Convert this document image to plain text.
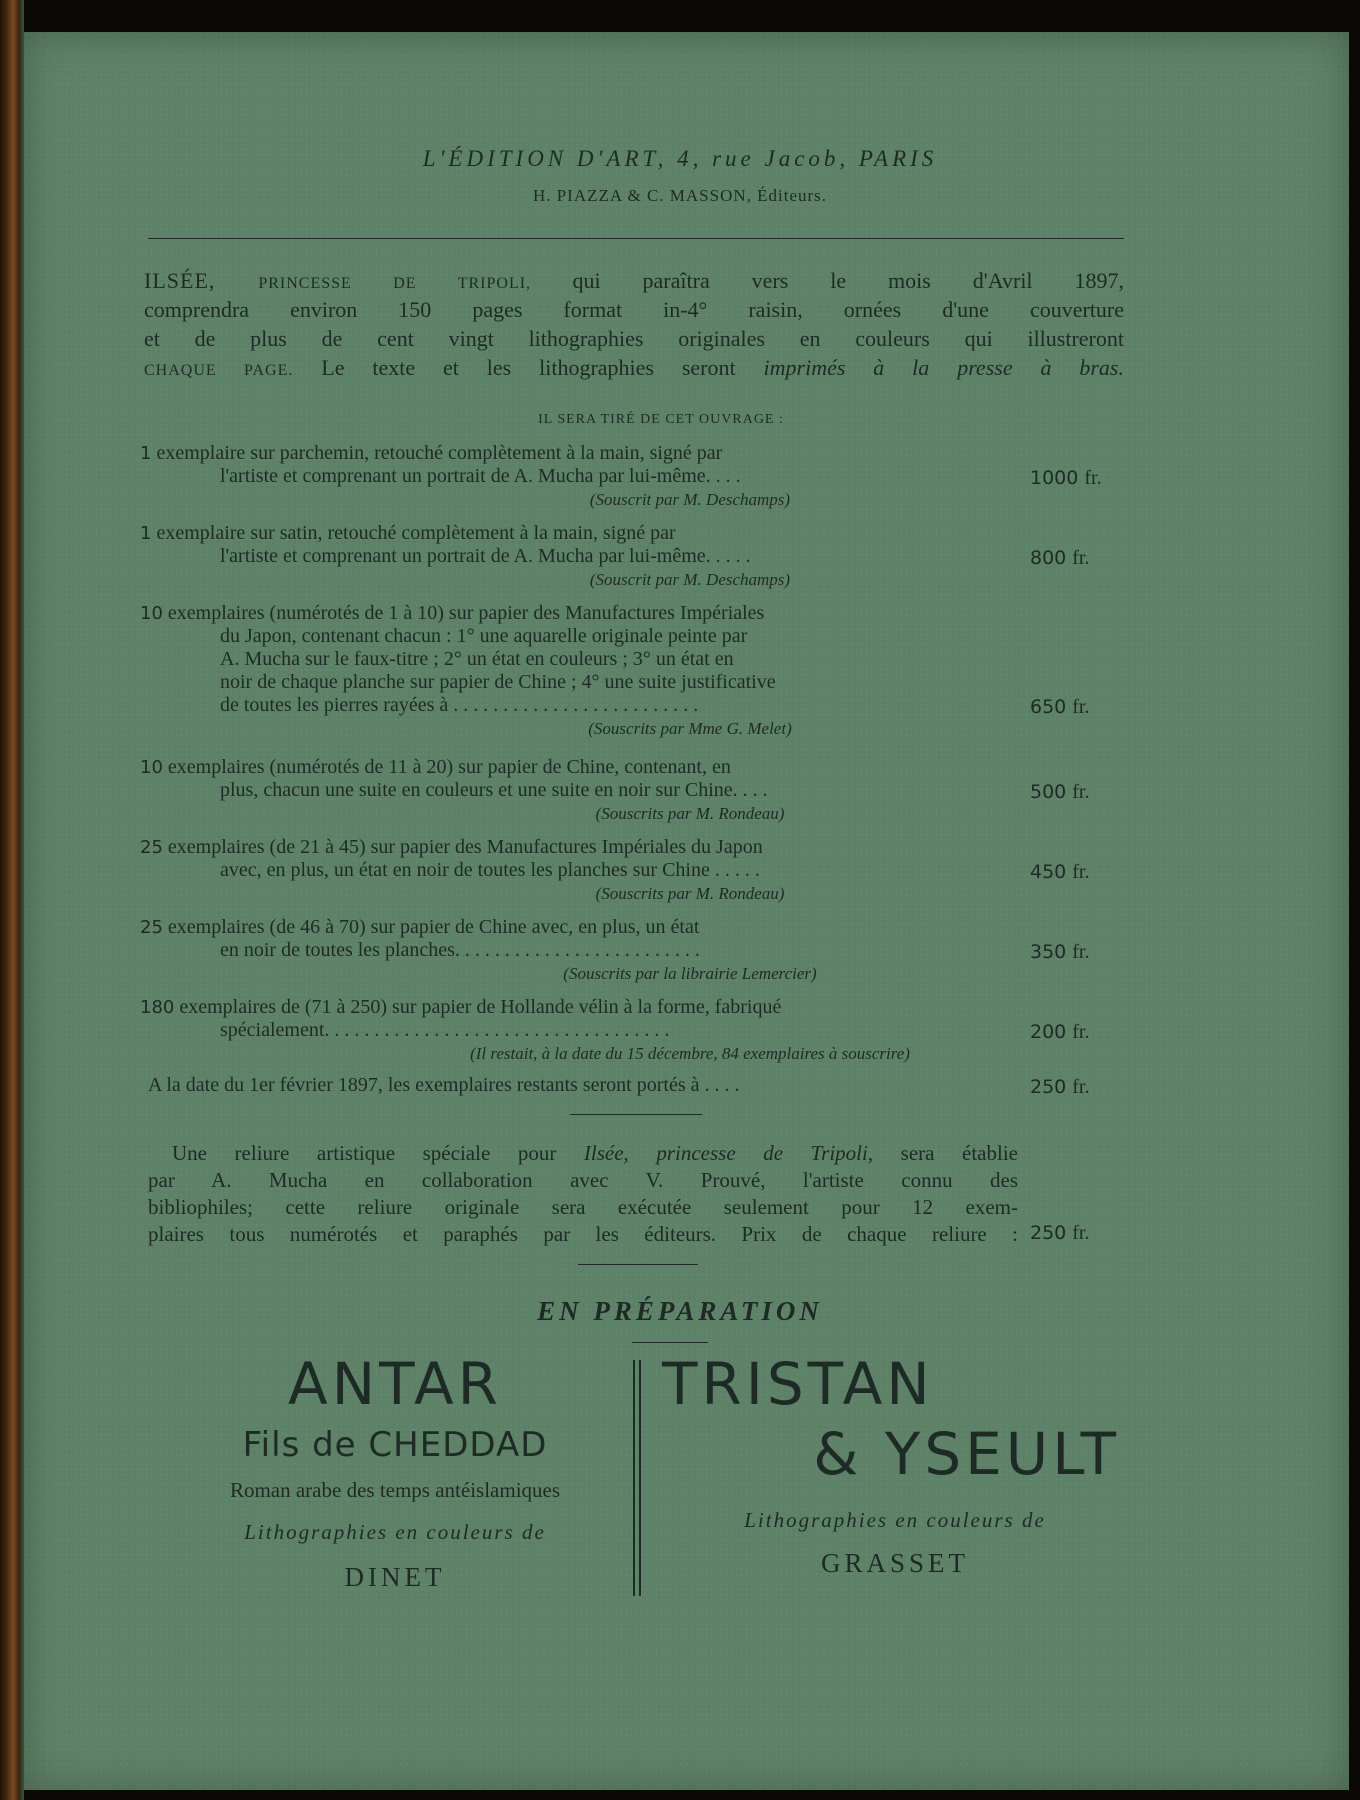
L'ÉDITION D'ART, 4, rue Jacob, PARIS
H. PIAZZA & C. MASSON, Éditeurs.
ILSÉE, PRINCESSE DE TRIPOLI, qui paraîtra vers le mois d'Avril 1897,
comprendra environ 150 pages format in-4° raisin, ornées d'une couverture
et de plus de cent vingt lithographies originales en couleurs qui illustreront
CHAQUE PAGE. Le texte et les lithographies seront imprimés à la presse à bras.
IL SERA TIRÉ DE CET OUVRAGE :
1 exemplaire sur parchemin, retouché complètement à la main, signé par
l'artiste et comprenant un portrait de A. Mucha par lui-même. . . .
(Souscrit par M. Deschamps)
1000 fr.
1 exemplaire sur satin, retouché complètement à la main, signé par
l'artiste et comprenant un portrait de A. Mucha par lui-même. . . . .
(Souscrit par M. Deschamps)
800 fr.
10 exemplaires (numérotés de 1 à 10) sur papier des Manufactures Impériales
du Japon, contenant chacun : 1° une aquarelle originale peinte par
A. Mucha sur le faux-titre ; 2° un état en couleurs ; 3° un état en
noir de chaque planche sur papier de Chine ; 4° une suite justificative
de toutes les pierres rayées à . . . . . . . . . . . . . . . . . . . . . . . . .
(Souscrits par Mme G. Melet)
650 fr.
10 exemplaires (numérotés de 11 à 20) sur papier de Chine, contenant, en
plus, chacun une suite en couleurs et une suite en noir sur Chine. . . .
(Souscrits par M. Rondeau)
500 fr.
25 exemplaires (de 21 à 45) sur papier des Manufactures Impériales du Japon
avec, en plus, un état en noir de toutes les planches sur Chine . . . . .
(Souscrits par M. Rondeau)
450 fr.
25 exemplaires (de 46 à 70) sur papier de Chine avec, en plus, un état
en noir de toutes les planches. . . . . . . . . . . . . . . . . . . . . . . . .
(Souscrits par la librairie Lemercier)
350 fr.
180 exemplaires de (71 à 250) sur papier de Hollande vélin à la forme, fabriqué
spécialement. . . . . . . . . . . . . . . . . . . . . . . . . . . . . . . . . . .
(Il restait, à la date du 15 décembre, 84 exemplaires à souscrire)
200 fr.
A la date du 1er février 1897, les exemplaires restants seront portés à . . . .	250 fr.
Une reliure artistique spéciale pour Ilsée, princesse de Tripoli, sera établie
par A. Mucha en collaboration avec V. Prouvé, l'artiste connu des
bibliophiles; cette reliure originale sera exécutée seulement pour 12 exem-
plaires tous numérotés et paraphés par les éditeurs. Prix de chaque reliure : 250 fr.
EN PRÉPARATION
ANTAR
Fils de CHEDDAD
Roman arabe des temps antéislamiques
Lithographies en couleurs de
DINET
TRISTAN
& YSEULT
Lithographies en couleurs de
GRASSET
